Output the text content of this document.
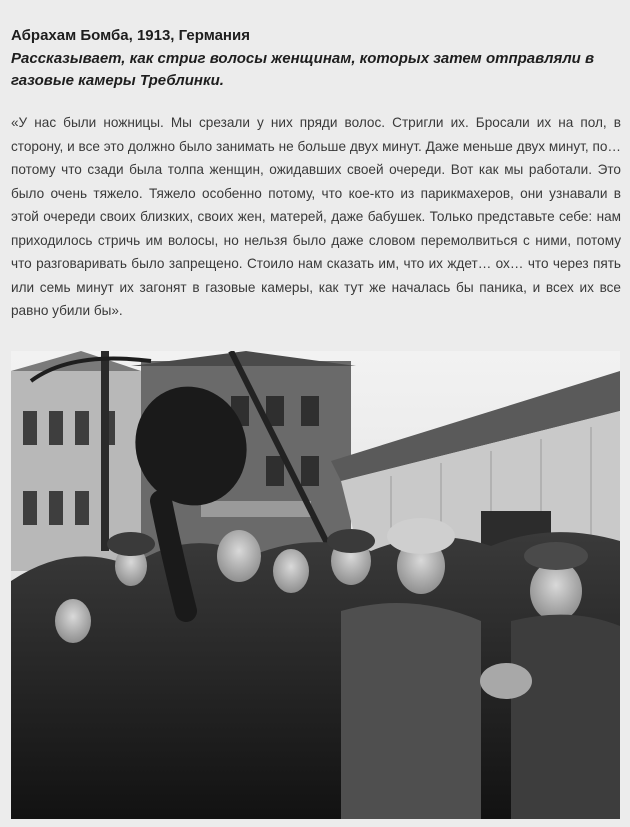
Абрахам Бомба, 1913, Германия
Рассказывает, как стриг волосы женщинам, которых затем отправляли в газовые камеры Треблинки.
«У нас были ножницы. Мы срезали у них пряди волос. Стригли их. Бросали их на пол, в сторону, и все это должно было занимать не больше двух минут. Даже меньше двух минут, по… потому что сзади была толпа женщин, ожидавших своей очереди. Вот как мы работали. Это было очень тяжело. Тяжело особенно потому, что кое-кто из парикмахеров, они узнавали в этой очереди своих близких, своих жен, матерей, даже бабушек. Только представьте себе: нам приходилось стричь им волосы, но нельзя было даже словом перемолвиться с ними, потому что разговаривать было запрещено. Стоило нам сказать им, что их ждет… ох… что через пять или семь минут их загонят в газовые камеры, как тут же началась бы паника, и всех их все равно убили бы».
